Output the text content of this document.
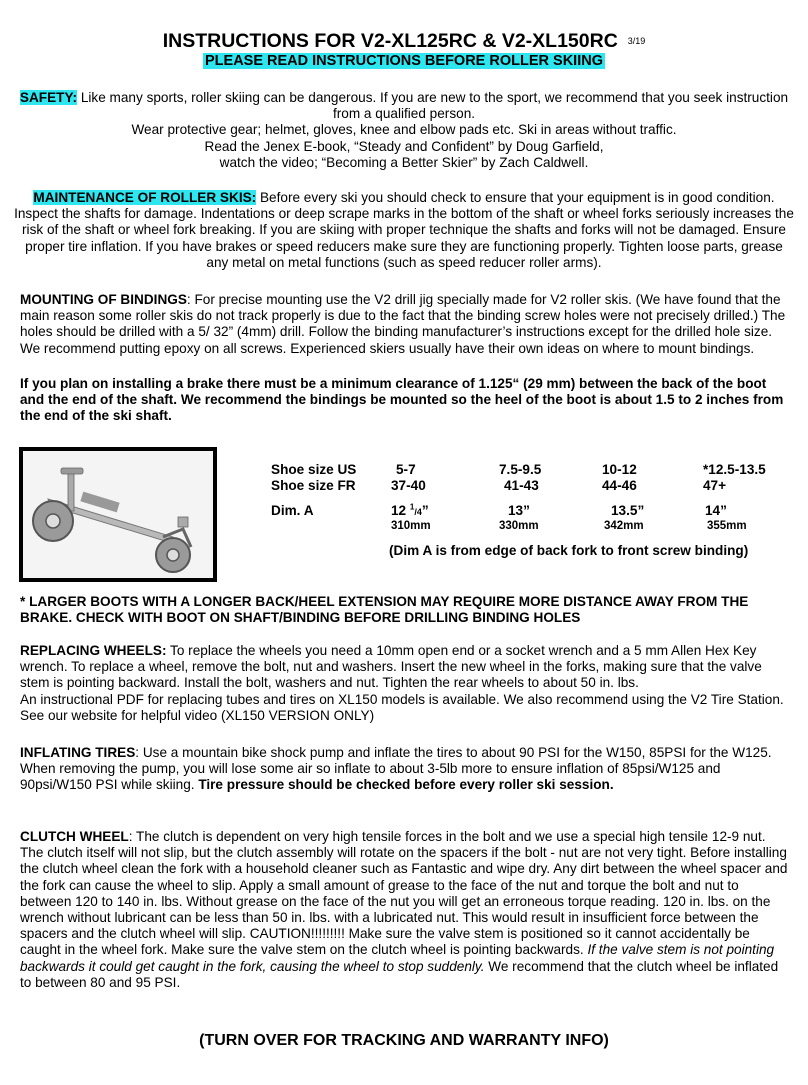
INSTRUCTIONS FOR V2-XL125RC & V2-XL150RC 3/19
PLEASE READ INSTRUCTIONS BEFORE ROLLER SKIING
SAFETY: Like many sports, roller skiing can be dangerous. If you are new to the sport, we recommend that you seek instruction from a qualified person.
Wear protective gear; helmet, gloves, knee and elbow pads etc. Ski in areas without traffic.
Read the Jenex E-book, “Steady and Confident” by Doug Garfield,
watch the video; “Becoming a Better Skier” by Zach Caldwell.
MAINTENANCE OF ROLLER SKIS: Before every ski you should check to ensure that your equipment is in good condition. Inspect the shafts for damage. Indentations or deep scrape marks in the bottom of the shaft or wheel forks seriously increases the risk of the shaft or wheel fork breaking. If you are skiing with proper technique the shafts and forks will not be damaged. Ensure proper tire inflation. If you have brakes or speed reducers make sure they are functioning properly. Tighten loose parts, grease any metal on metal functions (such as speed reducer roller arms).
MOUNTING OF BINDINGS: For precise mounting use the V2 drill jig specially made for V2 roller skis. (We have found that the main reason some roller skis do not track properly is due to the fact that the binding screw holes were not precisely drilled.) The holes should be drilled with a 5/ 32” (4mm) drill. Follow the binding manufacturer’s instructions except for the drilled hole size. We recommend putting epoxy on all screws. Experienced skiers usually have their own ideas on where to mount bindings.
If you plan on installing a brake there must be a minimum clearance of 1.125“ (29 mm) between the back of the boot and the end of the shaft. We recommend the bindings be mounted so the heel of the boot is about 1.5 to 2 inches from the end of the ski shaft.
Shoe size US	5-7	7.5-9.5	10-12	*12.5-13.5
Shoe size FR	37-40	41-43	44-46	47+
Dim. A	12 $^1$/4”	13”	13.5”	14”
310mm	330mm	342mm	355mm
(Dim A is from edge of back fork to front screw binding)
* LARGER BOOTS WITH A LONGER BACK/HEEL EXTENSION MAY REQUIRE MORE DISTANCE AWAY FROM THE BRAKE. CHECK WITH BOOT ON SHAFT/BINDING BEFORE DRILLING BINDING HOLES
REPLACING WHEELS: To replace the wheels you need a 10mm open end or a socket wrench and a 5 mm Allen Hex Key wrench. To replace a wheel, remove the bolt, nut and washers. Insert the new wheel in the forks, making sure that the valve stem is pointing backward. Install the bolt, washers and nut. Tighten the rear wheels to about 50 in. lbs.
An instructional PDF for replacing tubes and tires on XL150 models is available. We also recommend using the V2 Tire Station. See our website for helpful video (XL150 VERSION ONLY)
INFLATING TIRES: Use a mountain bike shock pump and inflate the tires to about 90 PSI for the W150, 85PSI for the W125. When removing the pump, you will lose some air so inflate to about 3-5lb more to ensure inflation of 85psi/W125 and 90psi/W150 PSI while skiing. Tire pressure should be checked before every roller ski session.
CLUTCH WHEEL: The clutch is dependent on very high tensile forces in the bolt and we use a special high tensile 12-9 nut. The clutch itself will not slip, but the clutch assembly will rotate on the spacers if the bolt - nut are not very tight. Before installing the clutch wheel clean the fork with a household cleaner such as Fantastic and wipe dry. Any dirt between the wheel spacer and the fork can cause the wheel to slip. Apply a small amount of grease to the face of the nut and torque the bolt and nut to between 120 to 140 in. lbs. Without grease on the face of the nut you will get an erroneous torque reading. 120 in. lbs. on the wrench without lubricant can be less than 50 in. lbs. with a lubricated nut. This would result in insufficient force between the spacers and the clutch wheel will slip. CAUTION!!!!!!!!! Make sure the valve stem is positioned so it cannot accidentally be caught in the wheel fork. Make sure the valve stem on the clutch wheel is pointing backwards. If the valve stem is not pointing backwards it could get caught in the fork, causing the wheel to stop suddenly. We recommend that the clutch wheel be inflated to between 80 and 95 PSI.
(TURN OVER FOR TRACKING AND WARRANTY INFO)
